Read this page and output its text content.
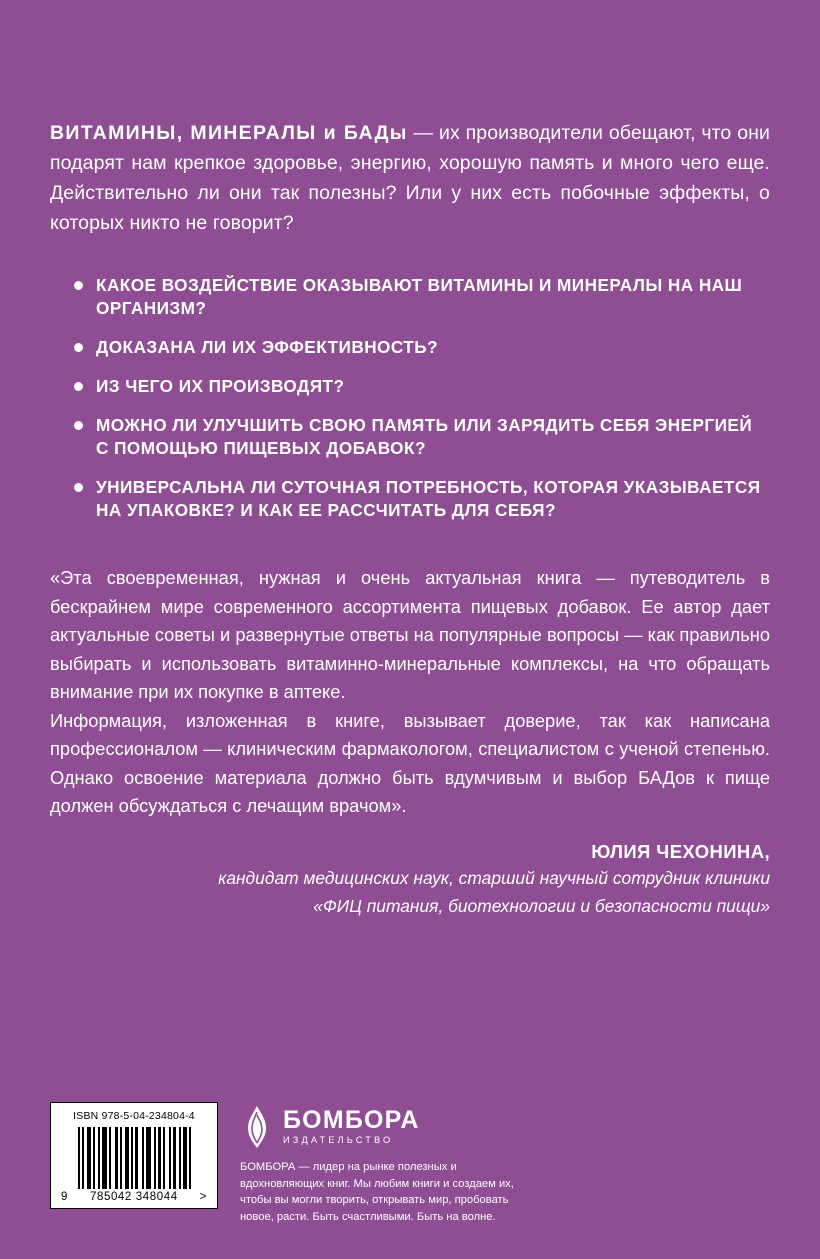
ВИТАМИНЫ, МИНЕРАЛЫ и БАДы — их производители обещают, что они подарят нам крепкое здоровье, энергию, хорошую память и много чего еще. Действительно ли они так полезны? Или у них есть побочные эффекты, о которых никто не говорит?

КАКОЕ ВОЗДЕЙСТВИЕ ОКАЗЫВАЮТ ВИТАМИНЫ И МИНЕРАЛЫ НА НАШ ОРГАНИЗМ?
ДОКАЗАНА ЛИ ИХ ЭФФЕКТИВНОСТЬ?
ИЗ ЧЕГО ИХ ПРОИЗВОДЯТ?
МОЖНО ЛИ УЛУЧШИТЬ СВОЮ ПАМЯТЬ ИЛИ ЗАРЯДИТЬ СЕБЯ ЭНЕРГИЕЙ С ПОМОЩЬЮ ПИЩЕВЫХ ДОБАВОК?
УНИВЕРСАЛЬНА ЛИ СУТОЧНАЯ ПОТРЕБНОСТЬ, КОТОРАЯ УКАЗЫВАЕТСЯ НА УПАКОВКЕ? И КАК ЕЕ РАССЧИТАТЬ ДЛЯ СЕБЯ?

«Эта своевременная, нужная и очень актуальная книга — путеводитель в бескрайнем мире современного ассортимента пищевых добавок. Ее автор дает актуальные советы и развернутые ответы на популярные вопросы — как правильно выбирать и использовать витаминно-минеральные комплексы, на что обращать внимание при их покупке в аптеке.

Информация, изложенная в книге, вызывает доверие, так как написана профессионалом — клиническим фармакологом, специалистом с ученой степенью. Однако освоение материала должно быть вдумчивым и выбор БАДов к пище должен обсуждаться с лечащим врачом».

ЮЛИЯ ЧЕХОНИНА,
кандидат медицинских наук, старший научный сотрудник клиники
«ФИЦ питания, биотехнологии и безопасности пищи»
ISBN 978-5-04-234804-4
9 785042 348044 >
БОМБОРА
ИЗДАТЕЛЬСТВО
БОМБОРА — лидер на рынке полезных и вдохновляющих книг. Мы любим книги и создаем их, чтобы вы могли творить, открывать мир, пробовать новое, расти. Быть счастливыми. Быть на волне.
